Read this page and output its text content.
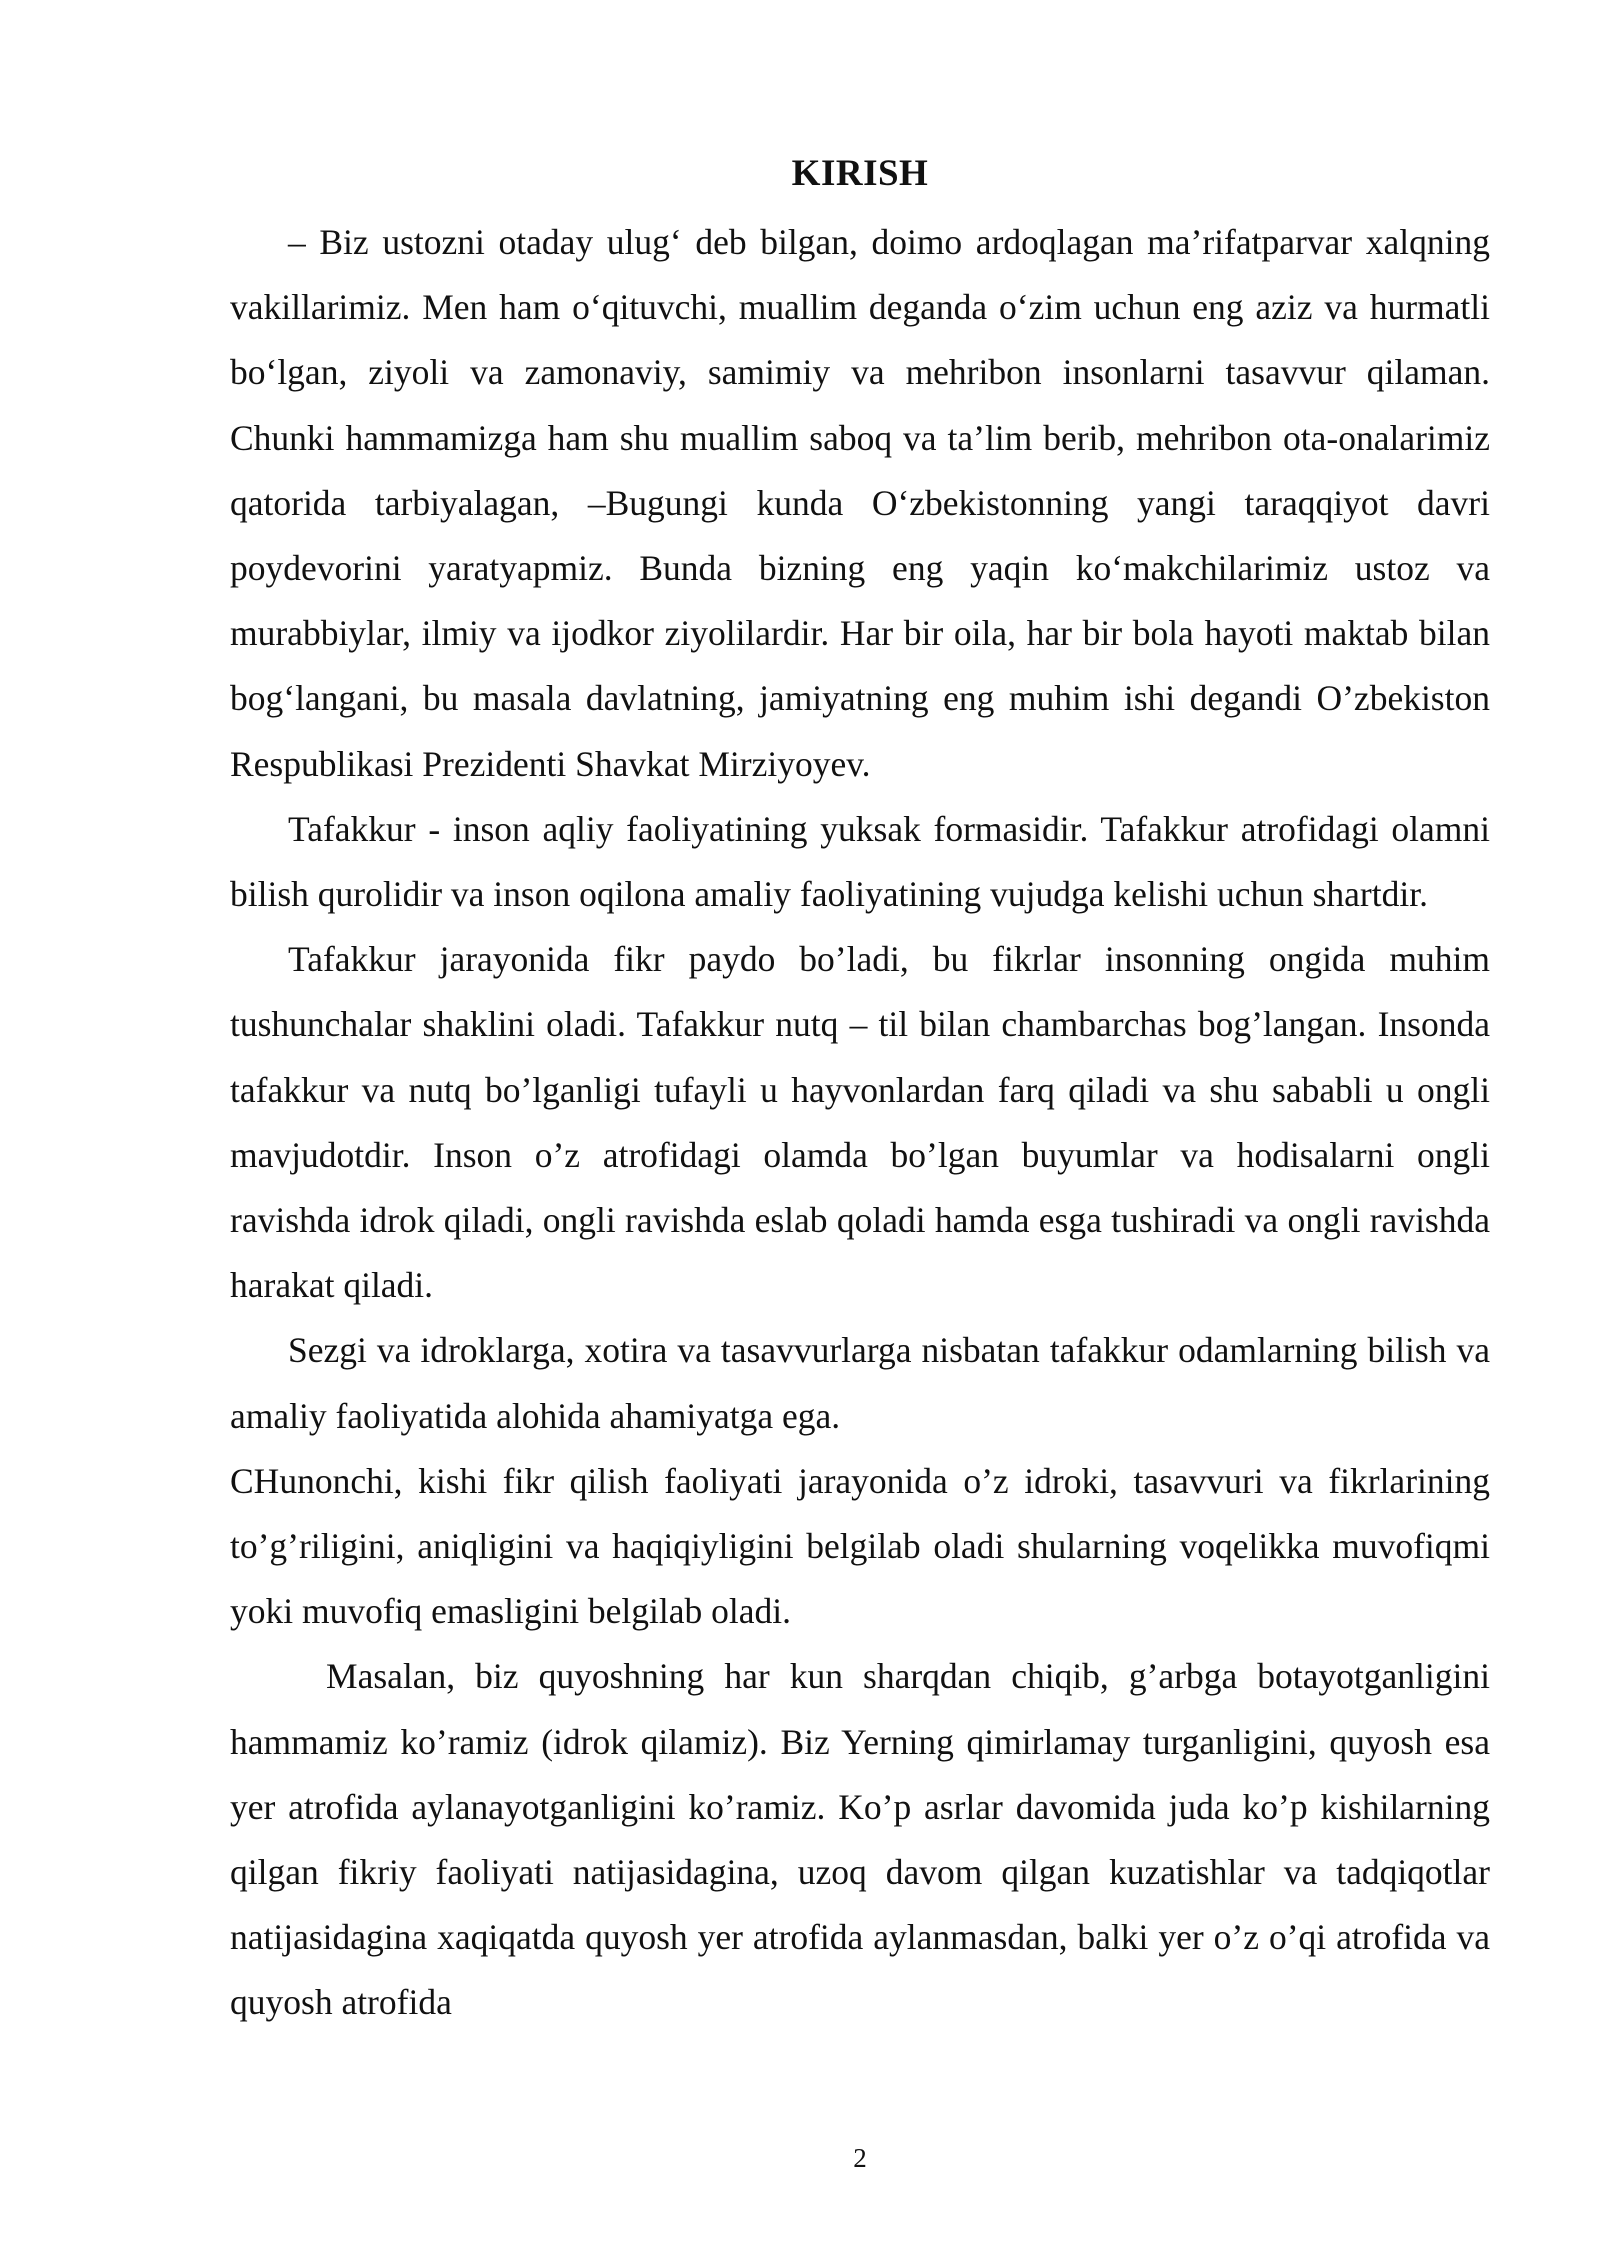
KIRISH

– Biz ustozni otaday ulug‘ deb bilgan, doimo ardoqlagan ma’rifatparvar xalqning vakillarimiz. Men ham o‘qituvchi, muallim deganda o‘zim uchun eng aziz va hurmatli bo‘lgan, ziyoli va zamonaviy, samimiy va mehribon insonlarni tasavvur qilaman. Chunki hammamizga ham shu muallim saboq va ta’lim berib, mehribon ota-onalarimiz qatorida tarbiyalagan, –Bugungi kunda O‘zbekistonning yangi taraqqiyot davri poydevorini yaratyapmiz. Bunda bizning eng yaqin ko‘makchilarimiz ustoz va murabbiylar, ilmiy va ijodkor ziyolilardir. Har bir oila, har bir bola hayoti maktab bilan bog‘langani, bu masala davlatning, jamiyatning eng muhim ishi degandi O’zbekiston Respublikasi Prezidenti Shavkat Mirziyoyev.

Tafakkur - inson aqliy faoliyatining yuksak formasidir. Tafakkur atrofidagi olamni bilish qurolidir va inson oqilona amaliy faoliyatining vujudga kelishi uchun shartdir.

Tafakkur jarayonida fikr paydo bo’ladi, bu fikrlar insonning ongida muhim tushunchalar shaklini oladi. Tafakkur nutq – til bilan chambarchas bog’langan. Insonda tafakkur va nutq bo’lganligi tufayli u hayvonlardan farq qiladi va shu sababli u ongli mavjudotdir. Inson o’z atrofidagi olamda bo’lgan buyumlar va hodisalarni ongli ravishda idrok qiladi, ongli ravishda eslab qoladi hamda esga tushiradi va ongli ravishda harakat qiladi.

Sezgi va idroklarga, xotira va tasavvurlarga nisbatan tafakkur odamlarning bilish va amaliy faoliyatida alohida ahamiyatga ega.

CHunonchi, kishi fikr qilish faoliyati jarayonida o’z idroki, tasavvuri va fikrlarining to’g’riligini, aniqligini va haqiqiyligini belgilab oladi shularning voqelikka muvofiqmi yoki muvofiq emasligini belgilab oladi.

Masalan, biz quyoshning har kun sharqdan chiqib, g’arbga botayotganligini hammamiz ko’ramiz (idrok qilamiz). Biz Yerning qimirlamay turganligini, quyosh esa yer atrofida aylanayotganligini ko’ramiz. Ko’p asrlar davomida juda ko’p kishilarning qilgan fikriy faoliyati natijasidagina, uzoq davom qilgan kuzatishlar va tadqiqotlar natijasidagina xaqiqatda quyosh yer atrofida aylanmasdan, balki yer o’z o’qi atrofida va quyosh atrofida

2
